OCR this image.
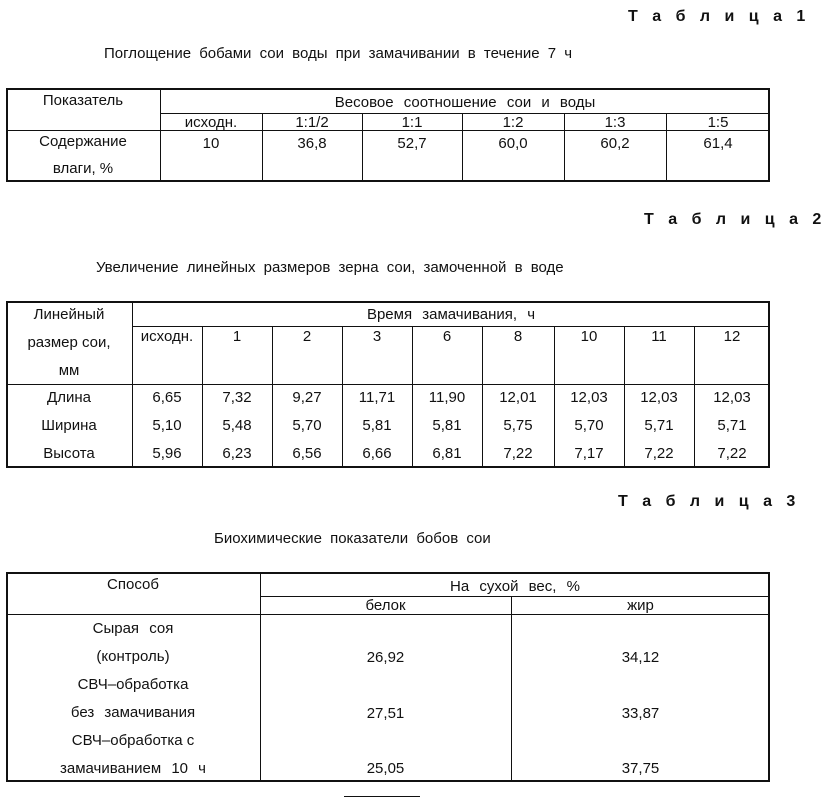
Т а б л и ц а 1
Поглощение бобами сои воды при замачивании в течение 7 ч
Показатель	Весовое соотношение сои и воды
исходн.	1:1/2	1:1	1:2	1:3	1:5
Содержание
влаги, %
10	36,8	52,7	60,0	60,2	61,4
Т а б л и ц а 2
Увеличение линейных размеров зерна сои, замоченной в воде
Линейный
размер сои,
мм
Время замачивания, ч
исходн.	1	2	3	6	8	10	11	12
Длина	6,65	7,32	9,27	11,71	11,90	12,01	12,03	12,03	12,03
Ширина	5,10	5,48	5,70	5,81	5,81	5,75	5,70	5,71	5,71
Высота	5,96	6,23	6,56	6,66	6,81	7,22	7,17	7,22	7,22
Т а б л и ц а 3
Биохимические показатели бобов сои
Способ	На сухой вес, %
белок	жир
Сырая соя
(контроль)	26,92	34,12
СВЧ–обработка
без замачивания	27,51	33,87
СВЧ–обработка с
замачиванием 10 ч	25,05	37,75
